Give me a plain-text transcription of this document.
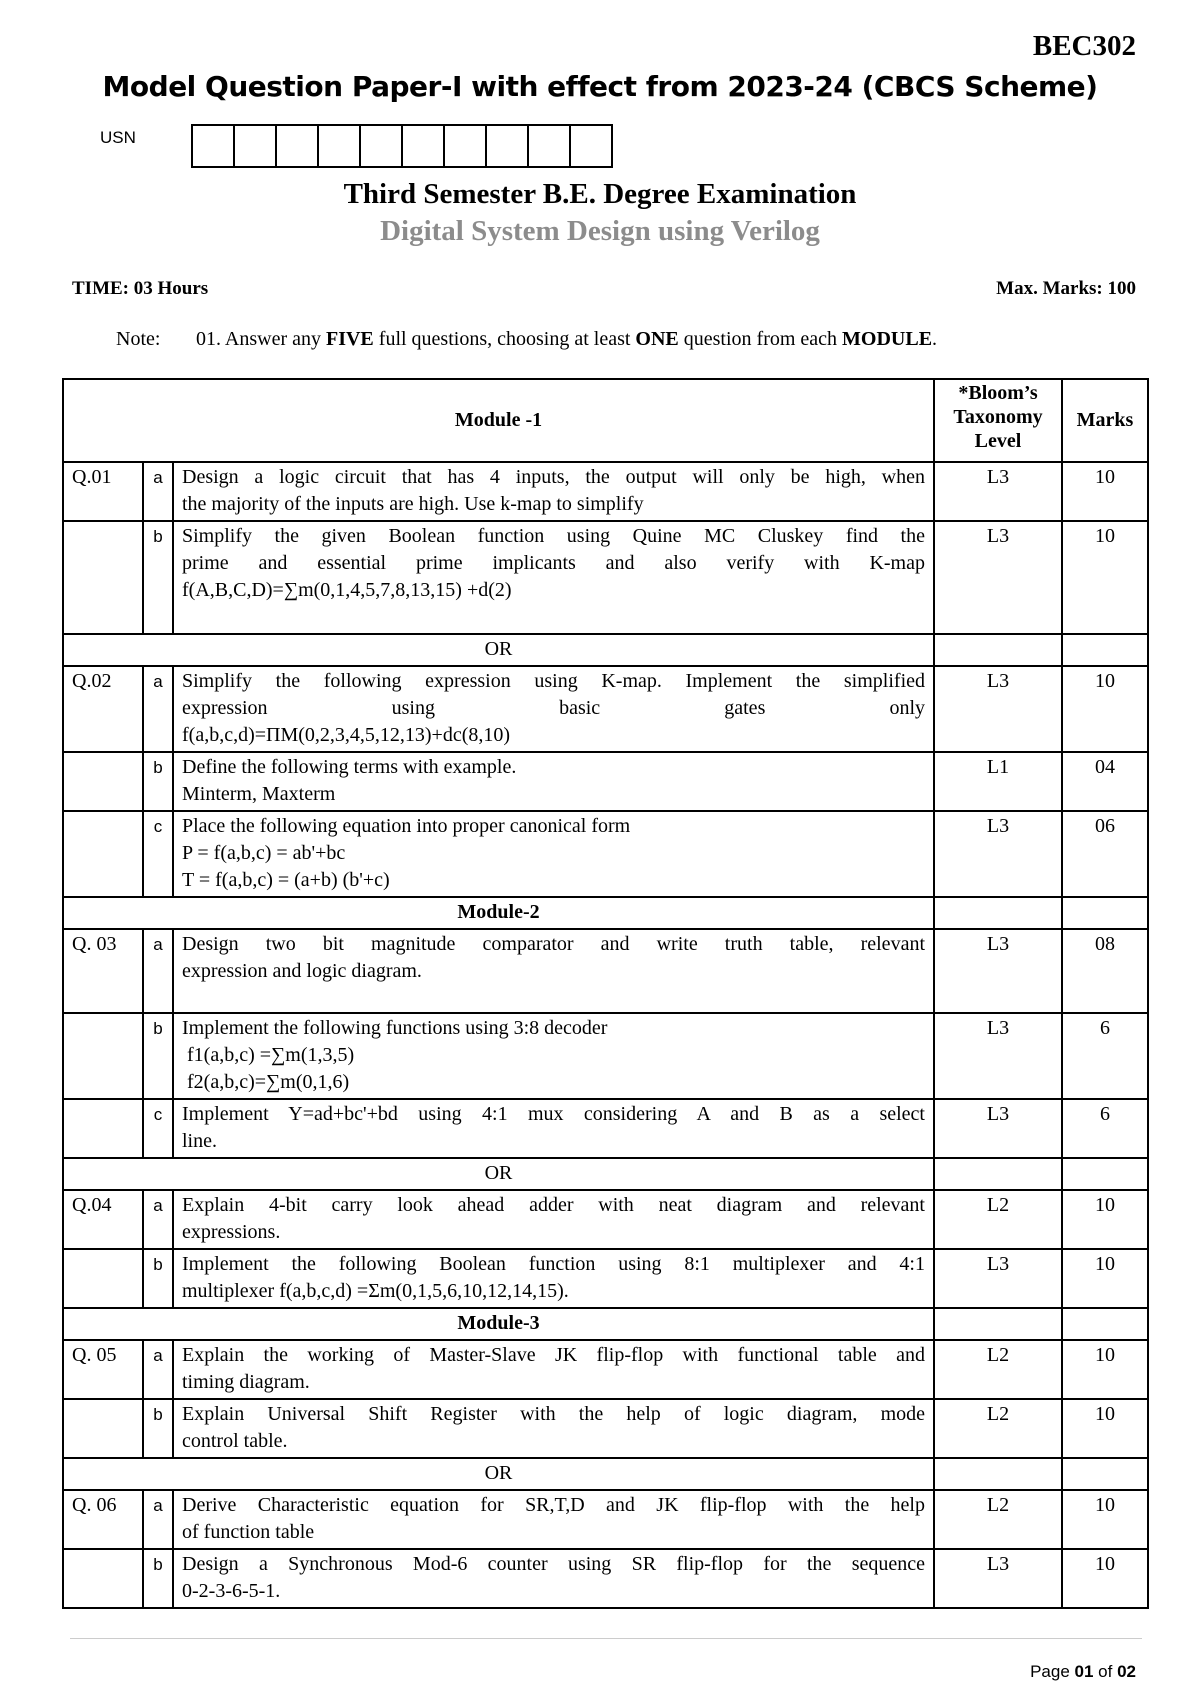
BEC302
Model Question Paper-I with effect from 2023-24 (CBCS Scheme)
USN
Third Semester B.E. Degree Examination
Digital System Design using Verilog
TIME: 03 Hours	Max. Marks: 100
Note:	01. Answer any FIVE full questions, choosing at least ONE question from each MODULE.
Module -1			*Bloom’s
Taxonomy
Level	Marks
Q.01	a	Design a logic circuit that has 4 inputs, the output will only be high, when
the majority of the inputs are high. Use k-map to simplify	L3	10
	b	Simplify the given Boolean function using Quine MC Cluskey find the
prime and essential prime implicants and also verify with K-map
f(A,B,C,D)=∑m(0,1,4,5,7,8,13,15) +d(2)	L3	10
OR				
Q.02	a	Simplify the following expression using K-map. Implement the simplified
expression using basic gates only
f(a,b,c,d)=ΠM(0,2,3,4,5,12,13)+dc(8,10)	L3	10
	b	Define the following terms with example.
Minterm, Maxterm	L1	04
	c	Place the following equation into proper canonical form
P = f(a,b,c) = ab'+bc
T = f(a,b,c) = (a+b) (b'+c)	L3	06
Module-2				
Q. 03	a	Design two bit magnitude comparator and write truth table, relevant
expression and logic diagram.	L3	08
	b	Implement the following functions using 3:8 decoder
f1(a,b,c) =∑m(1,3,5)
f2(a,b,c)=∑m(0,1,6)	L3	6
	c	Implement Y=ad+bc'+bd using 4:1 mux considering A and B as a select
line.	L3	6
OR				
Q.04	a	Explain 4-bit carry look ahead adder with neat diagram and relevant
expressions.	L2	10
	b	Implement the following Boolean function using 8:1 multiplexer and 4:1
multiplexer f(a,b,c,d) =Σm(0,1,5,6,10,12,14,15).	L3	10
Module-3				
Q. 05	a	Explain the working of Master-Slave JK flip-flop with functional table and
timing diagram.	L2	10
	b	Explain Universal Shift Register with the help of logic diagram, mode
control table.	L2	10
OR				
Q. 06	a	Derive Characteristic equation for SR,T,D and JK flip-flop with the help
of function table	L2	10
	b	Design a Synchronous Mod-6 counter using SR flip-flop for the sequence
0-2-3-6-5-1.	L3	10
Page 01 of 02
